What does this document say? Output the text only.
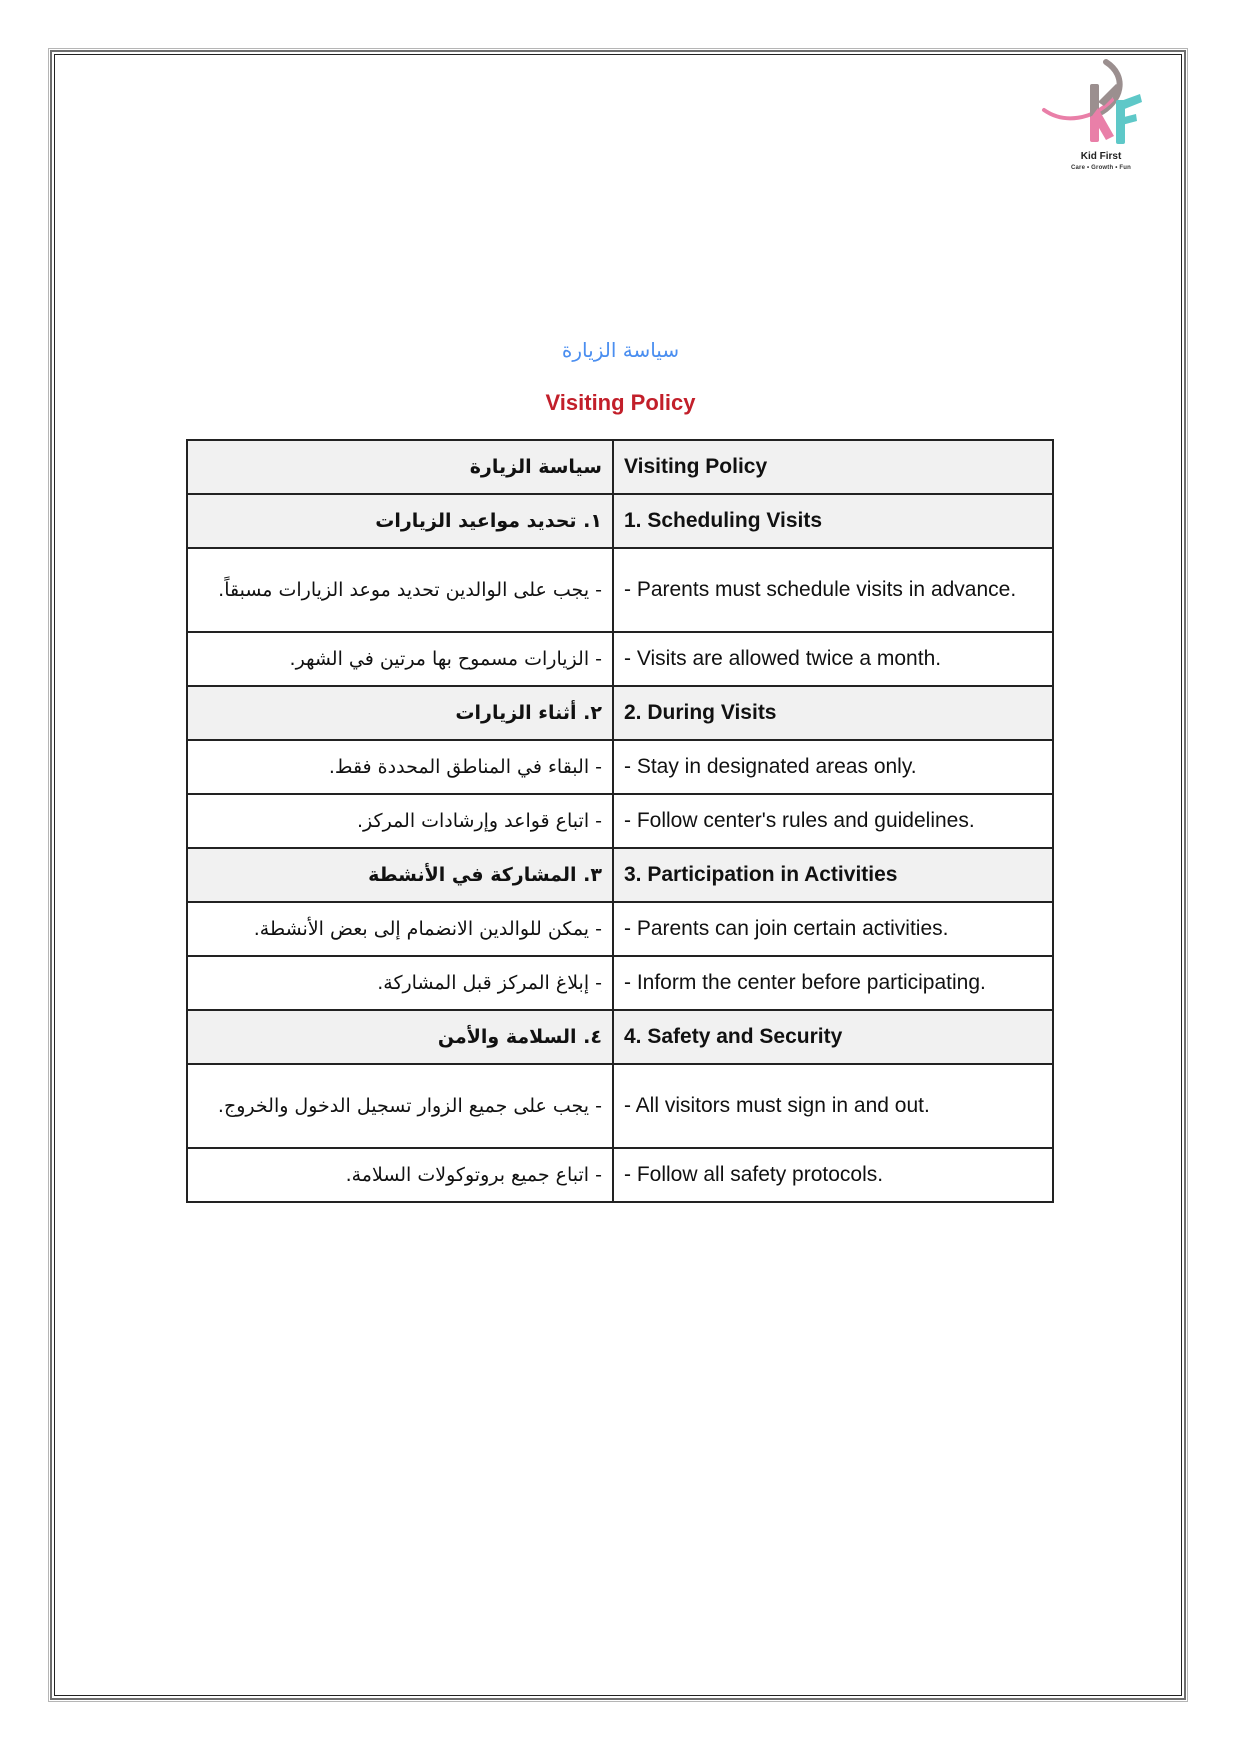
Kid First
Care • Growth • Fun
سياسة الزيارة
Visiting Policy
سياسة الزيارة	Visiting Policy
١. تحديد مواعيد الزيارات	1. Scheduling Visits
- يجب على الوالدين تحديد موعد الزيارات مسبقاً.	- Parents must schedule visits in advance.
- الزيارات مسموح بها مرتين في الشهر.	- Visits are allowed twice a month.
٢. أثناء الزيارات	2. During Visits
- البقاء في المناطق المحددة فقط.	- Stay in designated areas only.
- اتباع قواعد وإرشادات المركز.	- Follow center's rules and guidelines.
٣. المشاركة في الأنشطة	3. Participation in Activities
- يمكن للوالدين الانضمام إلى بعض الأنشطة.	- Parents can join certain activities.
- إبلاغ المركز قبل المشاركة.	- Inform the center before participating.
٤. السلامة والأمن	4. Safety and Security
- يجب على جميع الزوار تسجيل الدخول والخروج.	- All visitors must sign in and out.
- اتباع جميع بروتوكولات السلامة.	- Follow all safety protocols.
